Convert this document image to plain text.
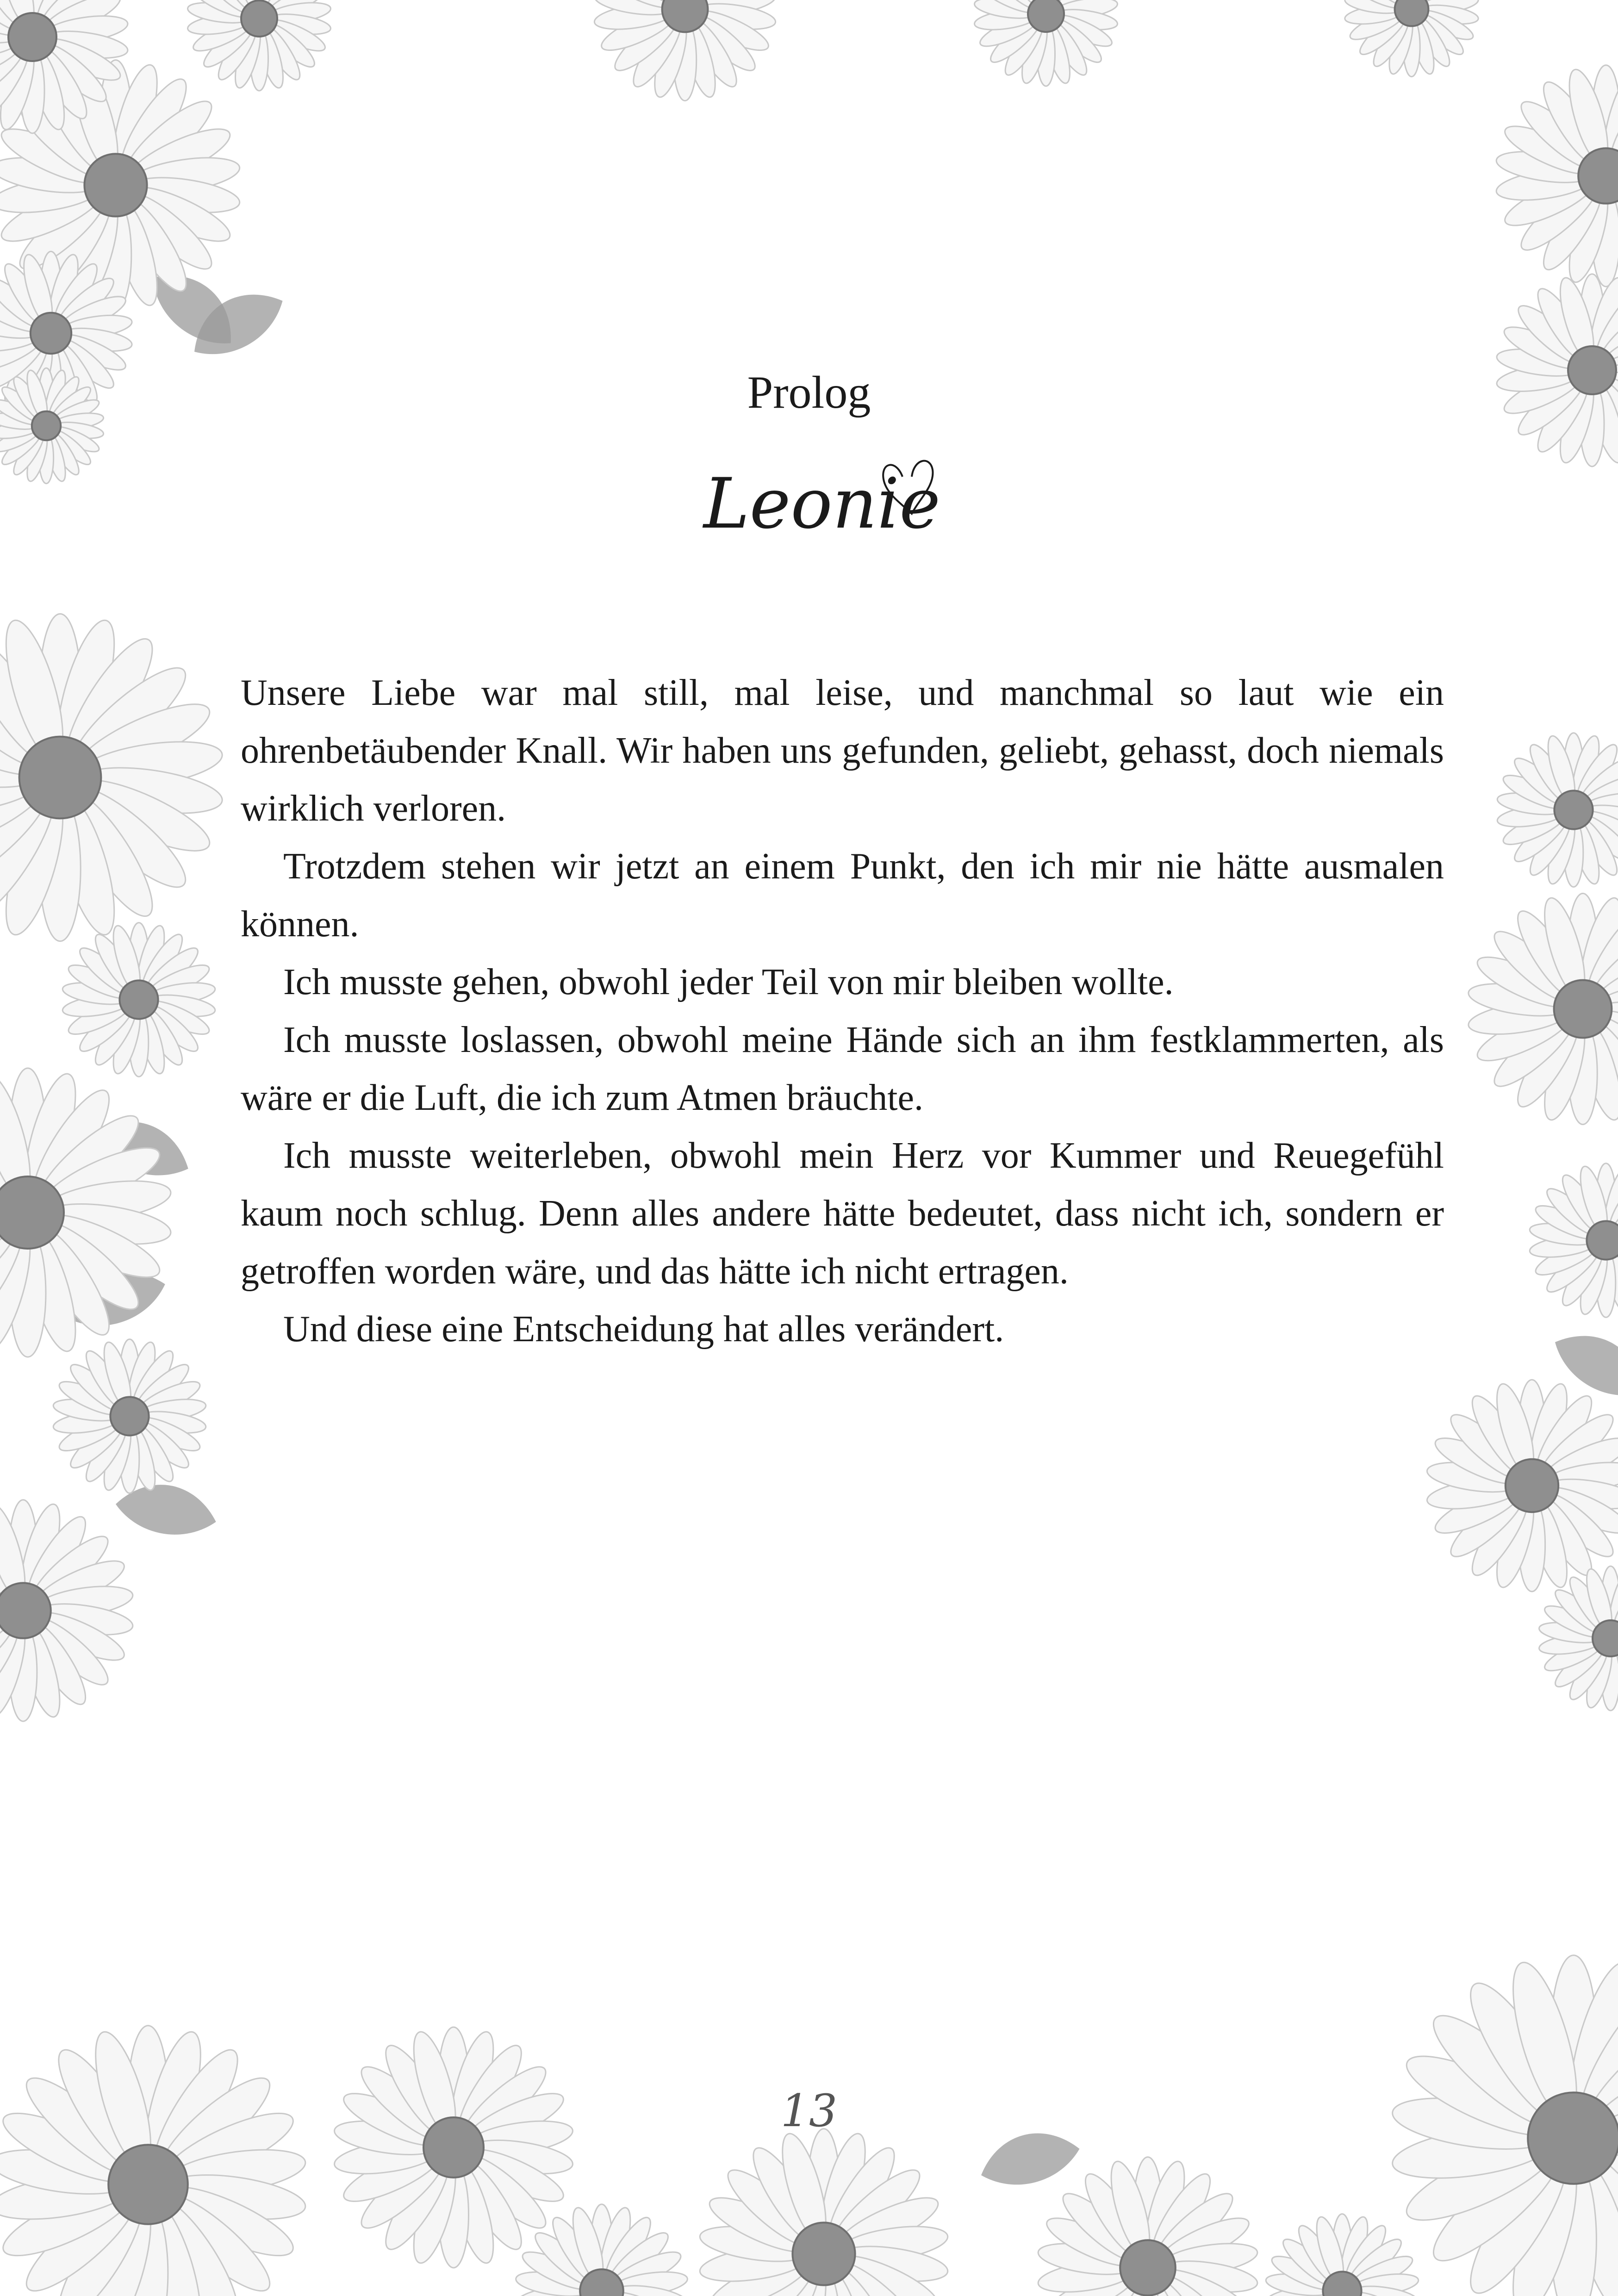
Prolog
Leonie

Unsere Liebe war mal still, mal leise, und manchmal so laut wie ein ohrenbetäubender Knall. Wir haben uns gefunden, geliebt, gehasst, doch niemals wirklich verloren.

Trotzdem stehen wir jetzt an einem Punkt, den ich mir nie hätte ausmalen können.

Ich musste gehen, obwohl jeder Teil von mir bleiben wollte.

Ich musste loslassen, obwohl meine Hände sich an ihm festklammerten, als wäre er die Luft, die ich zum Atmen bräuchte.

Ich musste weiterleben, obwohl mein Herz vor Kummer und Reuegefühl kaum noch schlug. Denn alles andere hätte bedeutet, dass nicht ich, sondern er getroffen worden wäre, und das hätte ich nicht ertragen.

Und diese eine Entscheidung hat alles verändert.

13
